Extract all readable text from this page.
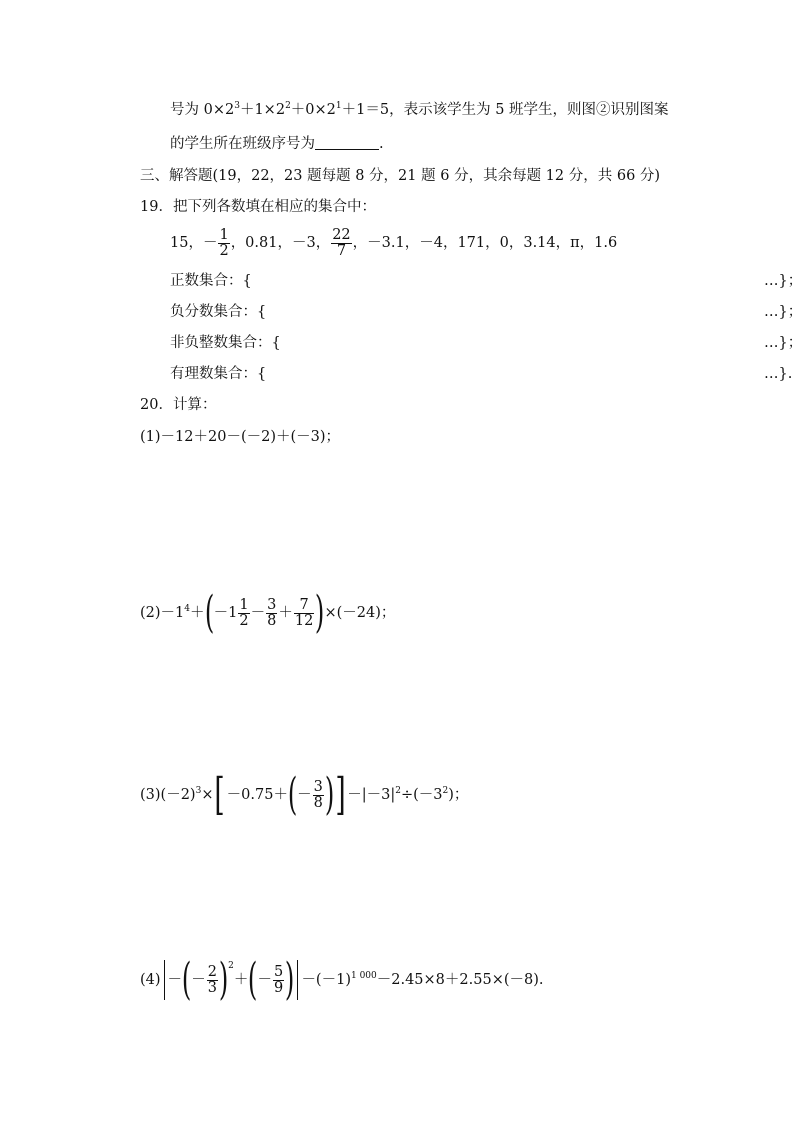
号为 $0\times 2^3+1\times 2^2+0\times 2^1+1=5$，表示该学生为 5 班学生，则图②识别图案
的学生所在班级序号为	.
三、解答题(19，22，23 题每题 8 分，21 题 6 分，其余每题 12 分，共 66 分)
19．把下列各数填在相应的集合中：
15，－ $\frac{1}{2}$ ，0.81，－3， $\frac{22}{7}$ ，－3.1，－4，171，0，3.14，π，1.· 6
正数集合：{	…}；
负分数集合：{	…}；
非负整数集合：{	…}；
有理数集合：{	…}.
20．计算：
(1)－12＋20－(－2)＋(－3)；
$(2)-1^4+(-1 \frac{1}{2} - \frac{3}{8} + \frac{7}{12} )\times(-24)$；
$(3)(-2)^3\times[-0.75+(- \frac{3}{8} )]-|-3|^2\div(-3^2)$；
(4) －(－ $\frac{2}{3} )^2+(- \frac{5}{9}$ ) $-(-1)^{1 000}-2.45\times 8+2.55\times(-8)$.
